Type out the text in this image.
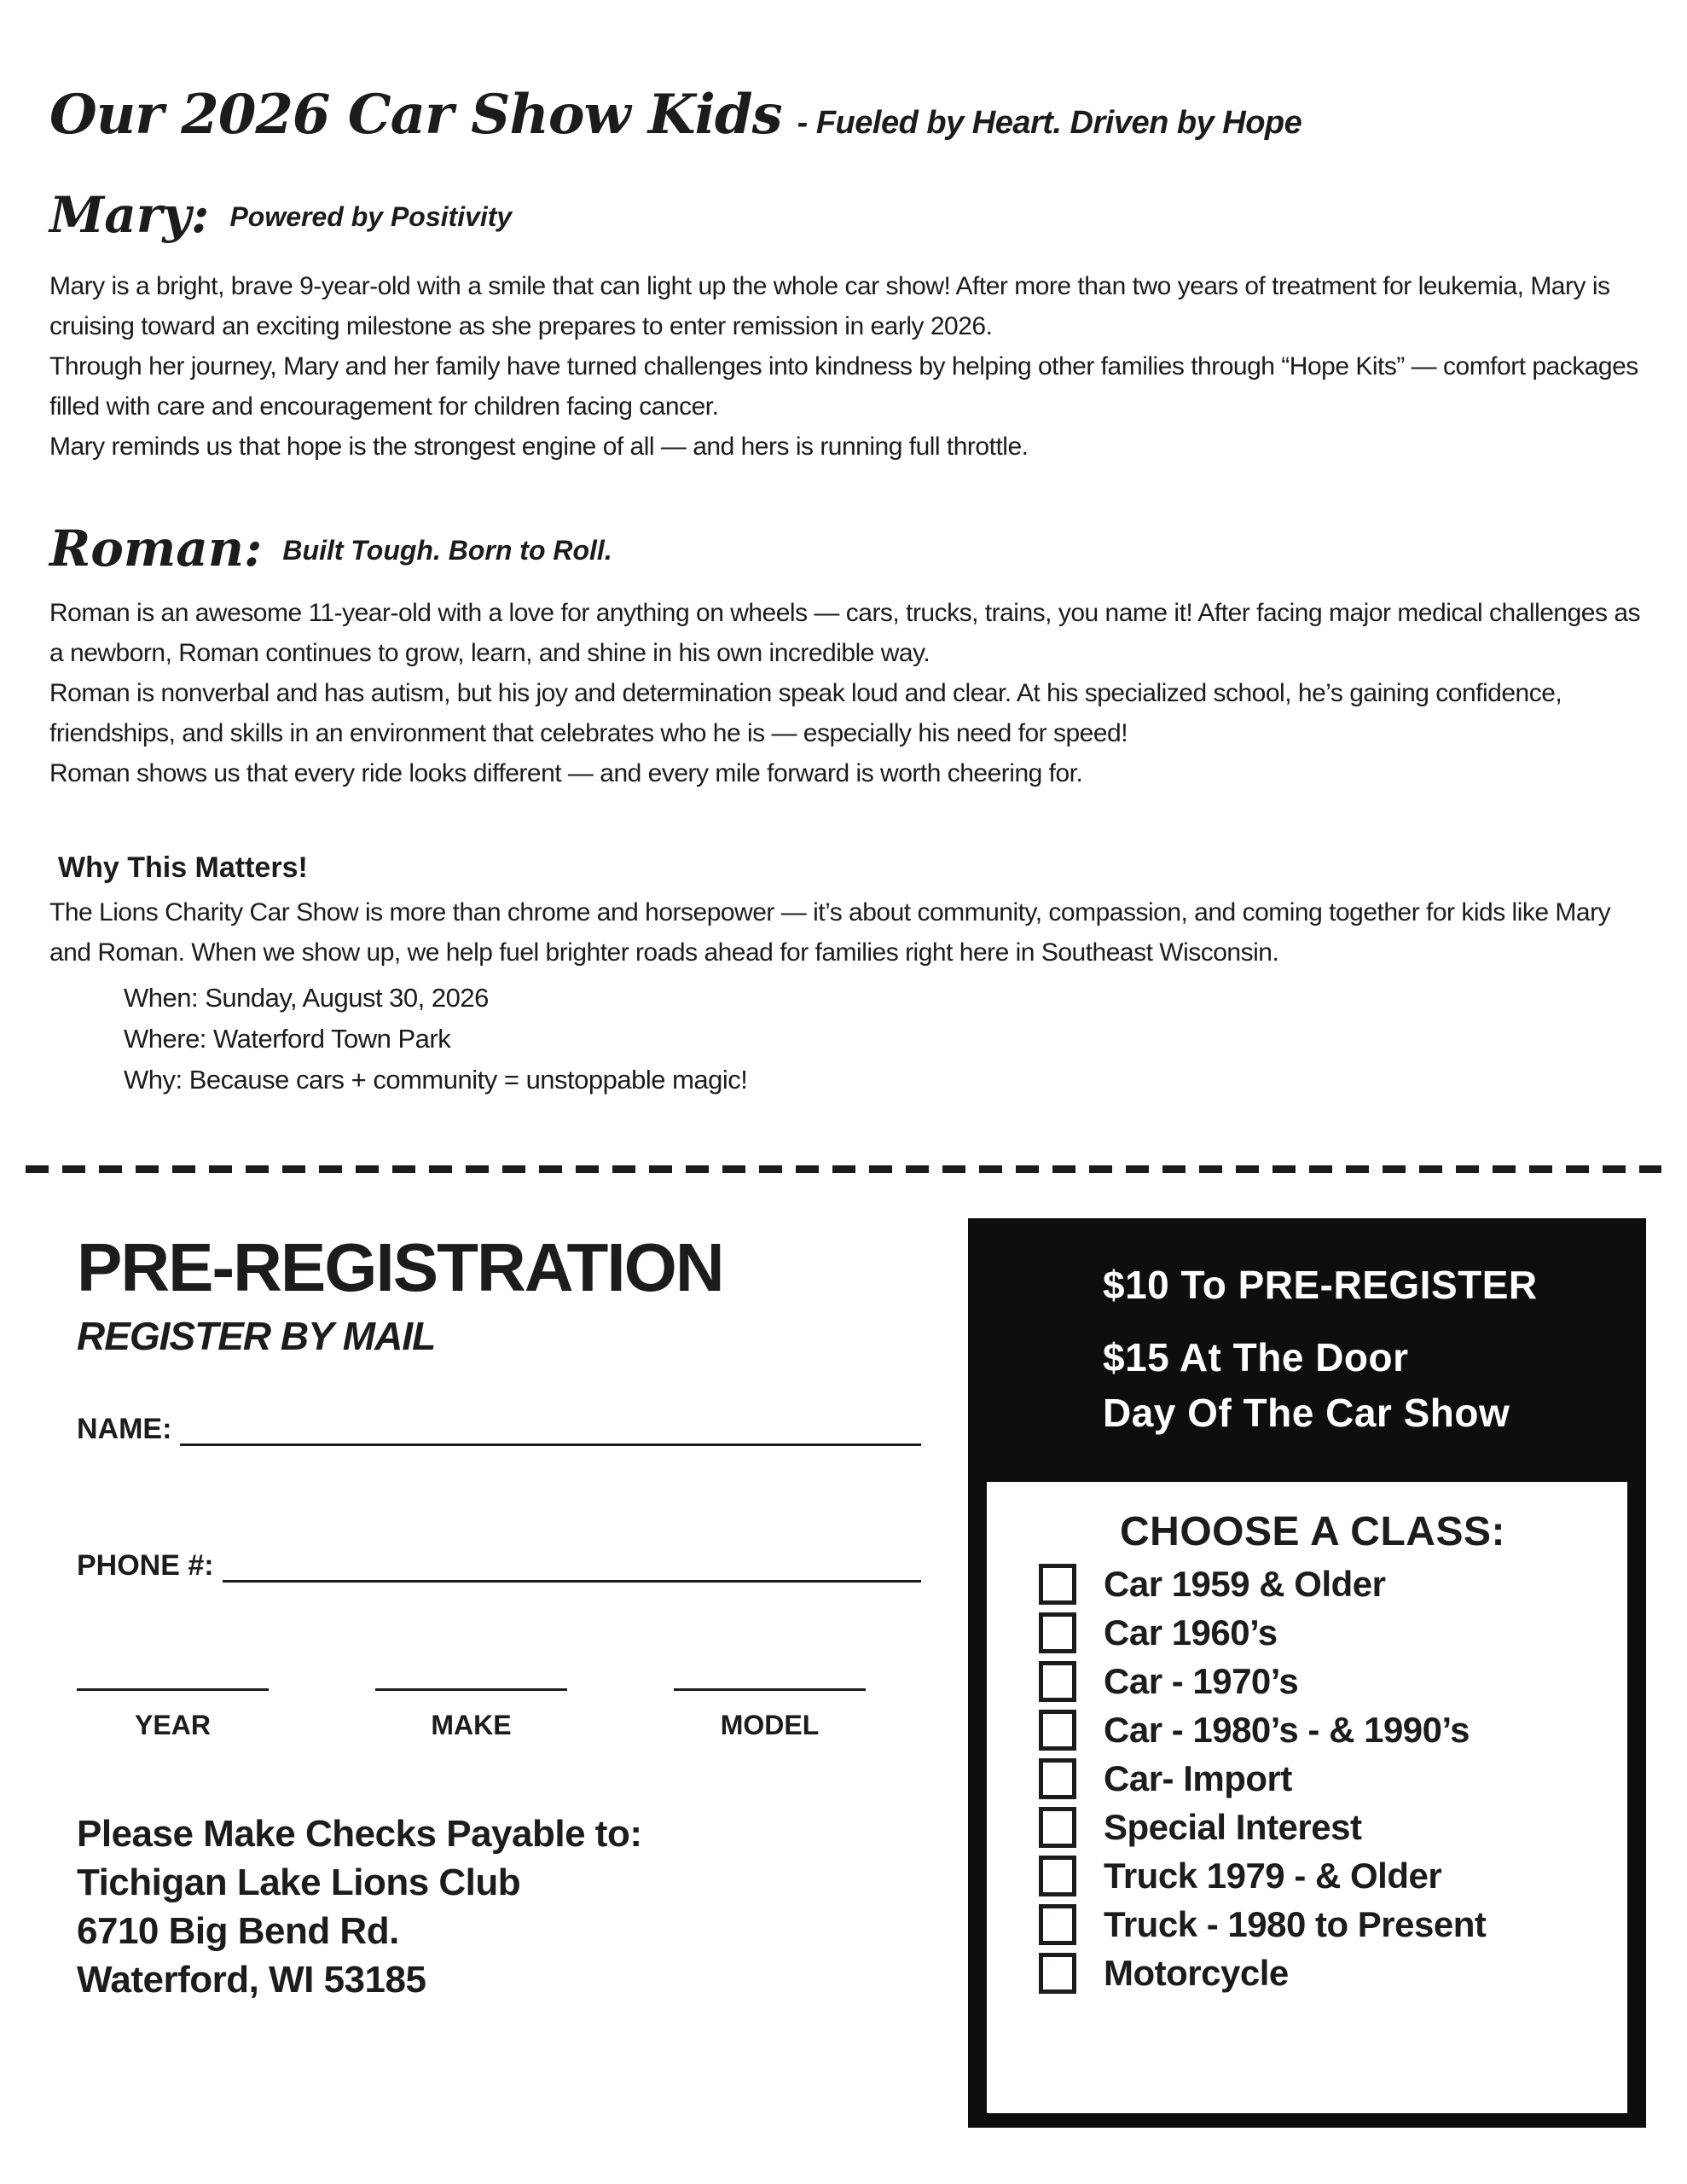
Our 2026 Car Show Kids - Fueled by Heart. Driven by Hope
Mary: Powered by Positivity

Mary is a bright, brave 9-year-old with a smile that can light up the whole car show! After more than two years of treatment for leukemia, Mary is cruising toward an exciting milestone as she prepares to enter remission in early 2026.

Through her journey, Mary and her family have turned challenges into kindness by helping other families through “Hope Kits” — comfort packages filled with care and encouragement for children facing cancer.

Mary reminds us that hope is the strongest engine of all — and hers is running full throttle.

Roman: Built Tough. Born to Roll.

Roman is an awesome 11-year-old with a love for anything on wheels — cars, trucks, trains, you name it! After facing major medical challenges as a newborn, Roman continues to grow, learn, and shine in his own incredible way.

Roman is nonverbal and has autism, but his joy and determination speak loud and clear. At his specialized school, he’s gaining confidence, friendships, and skills in an environment that celebrates who he is — especially his need for speed!

Roman shows us that every ride looks different — and every mile forward is worth cheering for.

Why This Matters!

The Lions Charity Car Show is more than chrome and horsepower — it’s about community, compassion, and coming together for kids like Mary and Roman. When we show up, we help fuel brighter roads ahead for families right here in Southeast Wisconsin.

When: Sunday, August 30, 2026
Where: Waterford Town Park
Why: Because cars + community = unstoppable magic!
PRE-REGISTRATION
REGISTER BY MAIL
NAME:
PHONE #:
YEAR	MAKE	MODEL
Please Make Checks Payable to:
Tichigan Lake Lions Club
6710 Big Bend Rd.
Waterford, WI 53185
$10 To PRE-REGISTER
$15 At The Door
Day Of The Car Show
CHOOSE A CLASS:
Car 1959 & Older
Car 1960’s
Car - 1970’s
Car - 1980’s - & 1990’s
Car- Import
Special Interest
Truck 1979 - & Older
Truck - 1980 to Present
Motorcycle
